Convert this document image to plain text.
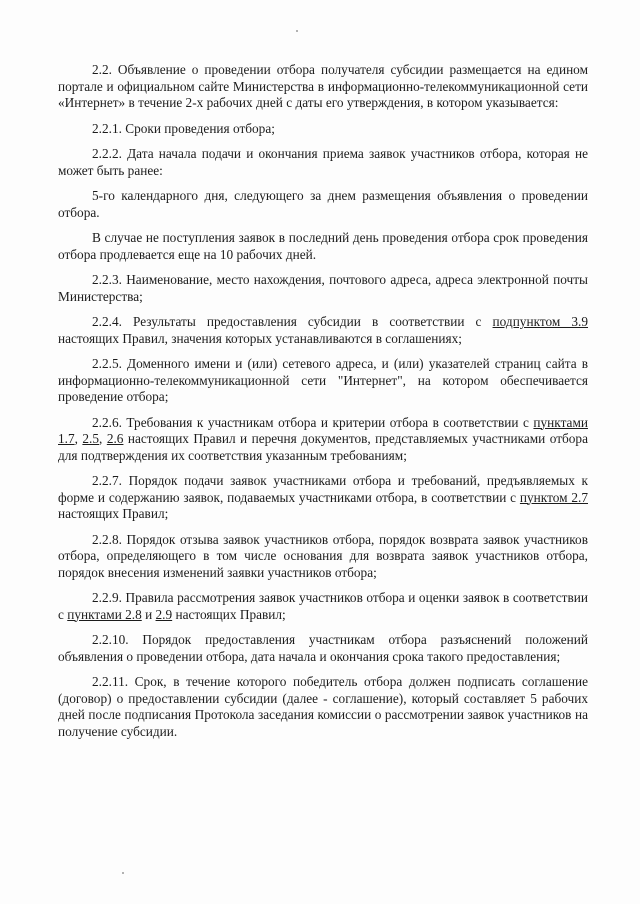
2.2. Объявление о проведении отбора получателя субсидии размещается на едином портале и официальном сайте Министерства в информационно-телекоммуникационной сети «Интернет» в течение 2-х рабочих дней с даты его утверждения, в котором указывается:

2.2.1. Сроки проведения отбора;

2.2.2. Дата начала подачи и окончания приема заявок участников отбора, которая не может быть ранее:

5-го календарного дня, следующего за днем размещения объявления о проведении отбора.

В случае не поступления заявок в последний день проведения отбора срок проведения отбора продлевается еще на 10 рабочих дней.

2.2.3. Наименование, место нахождения, почтового адреса, адреса электронной почты Министерства;

2.2.4. Результаты предоставления субсидии в соответствии с подпунктом 3.9 настоящих Правил, значения которых устанавливаются в соглашениях;

2.2.5. Доменного имени и (или) сетевого адреса, и (или) указателей страниц сайта в информационно-телекоммуникационной сети "Интернет", на котором обеспечивается проведение отбора;

2.2.6. Требования к участникам отбора и критерии отбора в соответствии с пунктами 1.7, 2.5, 2.6 настоящих Правил и перечня документов, представляемых участниками отбора для подтверждения их соответствия указанным требованиям;

2.2.7. Порядок подачи заявок участниками отбора и требований, предъявляемых к форме и содержанию заявок, подаваемых участниками отбора, в соответствии с пунктом 2.7 настоящих Правил;

2.2.8. Порядок отзыва заявок участников отбора, порядок возврата заявок участников отбора, определяющего в том числе основания для возврата заявок участников отбора, порядок внесения изменений заявки участников отбора;

2.2.9. Правила рассмотрения заявок участников отбора и оценки заявок в соответствии с пунктами 2.8 и 2.9 настоящих Правил;

2.2.10. Порядок предоставления участникам отбора разъяснений положений объявления о проведении отбора, дата начала и окончания срока такого предоставления;

2.2.11. Срок, в течение которого победитель отбора должен подписать соглашение (договор) о предоставлении субсидии (далее - соглашение), который составляет 5 рабочих дней после подписания Протокола заседания комиссии о рассмотрении заявок участников на получение субсидии.
